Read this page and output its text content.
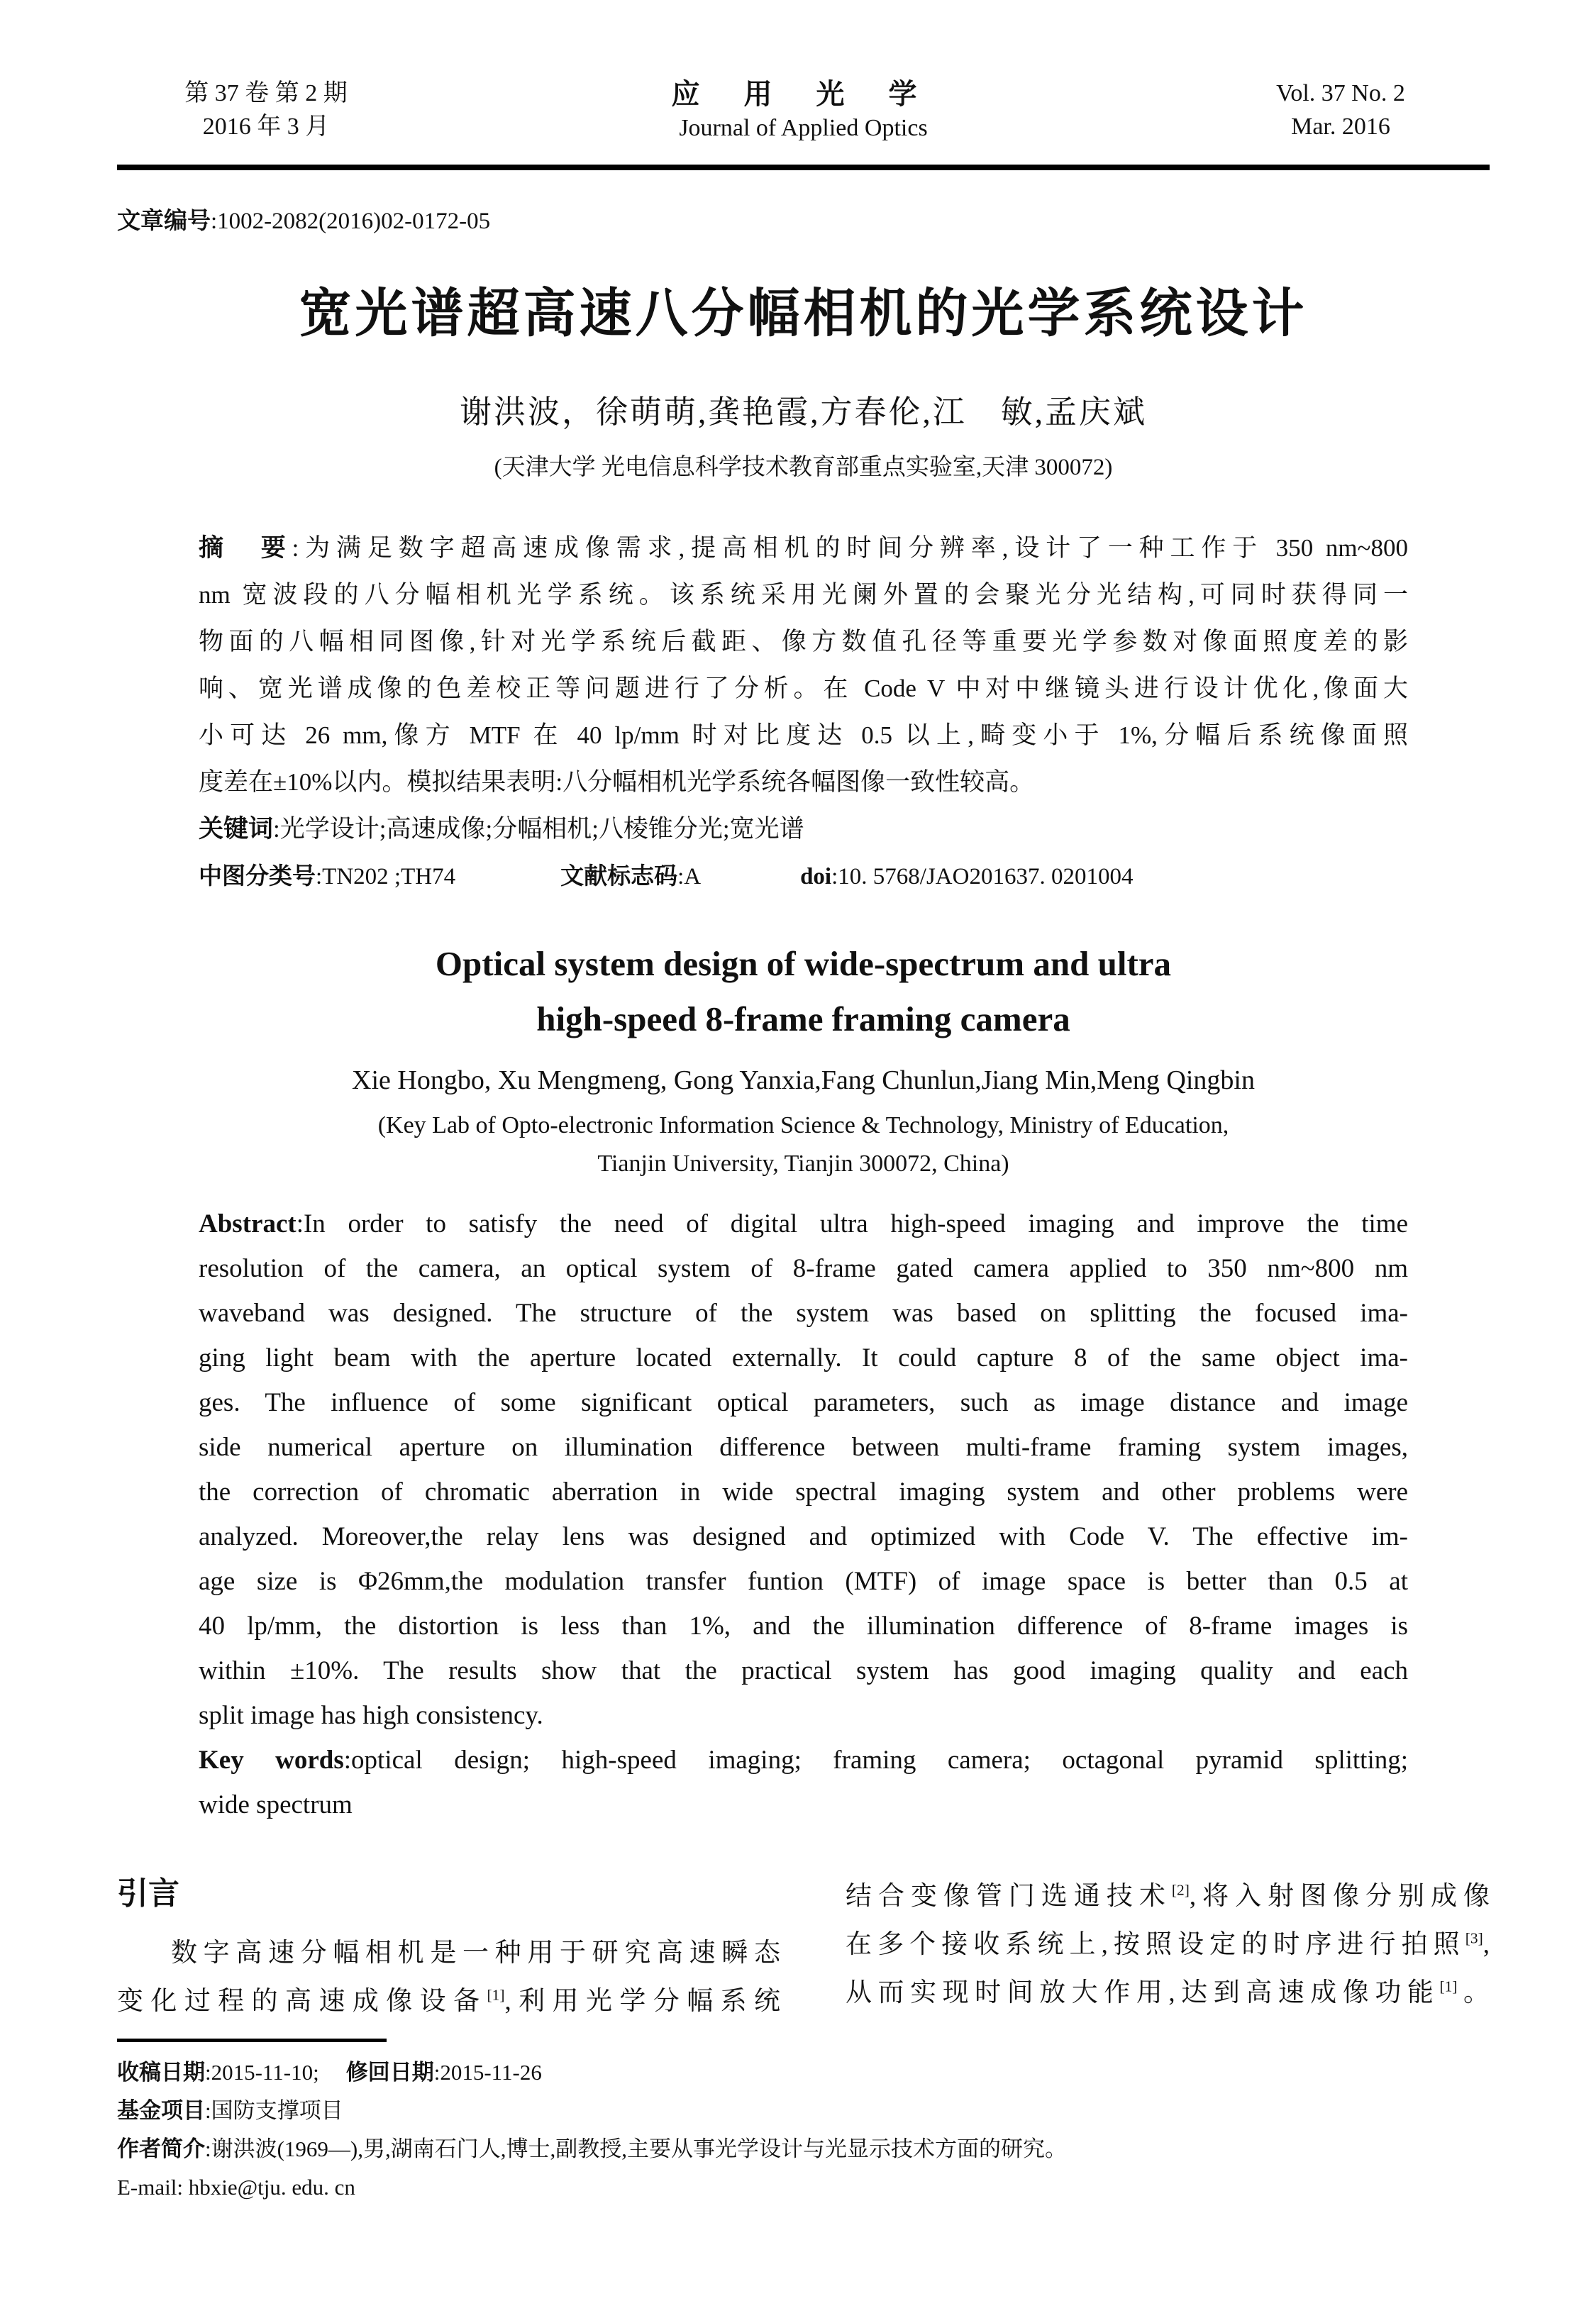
第 37 卷 第 2 期
2016 年 3 月
应 用 光 学
Journal of Applied Optics
Vol. 37 No. 2
Mar. 2016
文章编号:1002-2082(2016)02-0172-05
宽光谱超高速八分幅相机的光学系统设计
谢洪波，徐萌萌,龚艳霞,方春伦,江　敏,孟庆斌
(天津大学 光电信息科学技术教育部重点实验室,天津 300072)
摘　要:为满足数字超高速成像需求,提高相机的时间分辨率,设计了一种工作于 350 nm~800
nm 宽波段的八分幅相机光学系统。该系统采用光阑外置的会聚光分光结构,可同时获得同一
物面的八幅相同图像,针对光学系统后截距、像方数值孔径等重要光学参数对像面照度差的影
响、宽光谱成像的色差校正等问题进行了分析。在 Code V 中对中继镜头进行设计优化,像面大
小可达 26 mm,像方 MTF 在 40 lp/mm 时对比度达 0.5 以上,畸变小于 1%,分幅后系统像面照
度差在±10%以内。模拟结果表明:八分幅相机光学系统各幅图像一致性较高。
关键词:光学设计;高速成像;分幅相机;八棱锥分光;宽光谱
中图分类号:TN202 ;TH74	文献标志码:A	doi:10. 5768/JAO201637. 0201004
Optical system design of wide-spectrum and ultra
high-speed 8-frame framing camera
Xie Hongbo, Xu Mengmeng, Gong Yanxia,Fang Chunlun,Jiang Min,Meng Qingbin
(Key Lab of Opto-electronic Information Science & Technology, Ministry of Education,
Tianjin University, Tianjin 300072, China)
Abstract:In order to satisfy the need of digital ultra high-speed imaging and improve the time
resolution of the camera, an optical system of 8-frame gated camera applied to 350 nm~800 nm
waveband was designed. The structure of the system was based on splitting the focused ima-
ging light beam with the aperture located externally. It could capture 8 of the same object ima-
ges. The influence of some significant optical parameters, such as image distance and image
side numerical aperture on illumination difference between multi-frame framing system images,
the correction of chromatic aberration in wide spectral imaging system and other problems were
analyzed. Moreover,the relay lens was designed and optimized with Code V. The effective im-
age size is Φ26mm,the modulation transfer funtion (MTF) of image space is better than 0.5 at
40 lp/mm, the distortion is less than 1%, and the illumination difference of 8-frame images is
within ±10%. The results show that the practical system has good imaging quality and each
split image has high consistency.
Key words:optical design; high-speed imaging; framing camera; octagonal pyramid splitting;
wide spectrum
引言
数字高速分幅相机是一种用于研究高速瞬态
变化过程的高速成像设备[1],利用光学分幅系统
结合变像管门选通技术[2],将入射图像分别成像
在多个接收系统上,按照设定的时序进行拍照[3],
从而实现时间放大作用,达到高速成像功能[1]。
收稿日期:2015-11-10; 修回日期:2015-11-26
基金项目:国防支撑项目
作者简介:谢洪波(1969—),男,湖南石门人,博士,副教授,主要从事光学设计与光显示技术方面的研究。
E-mail: hbxie@tju. edu. cn
